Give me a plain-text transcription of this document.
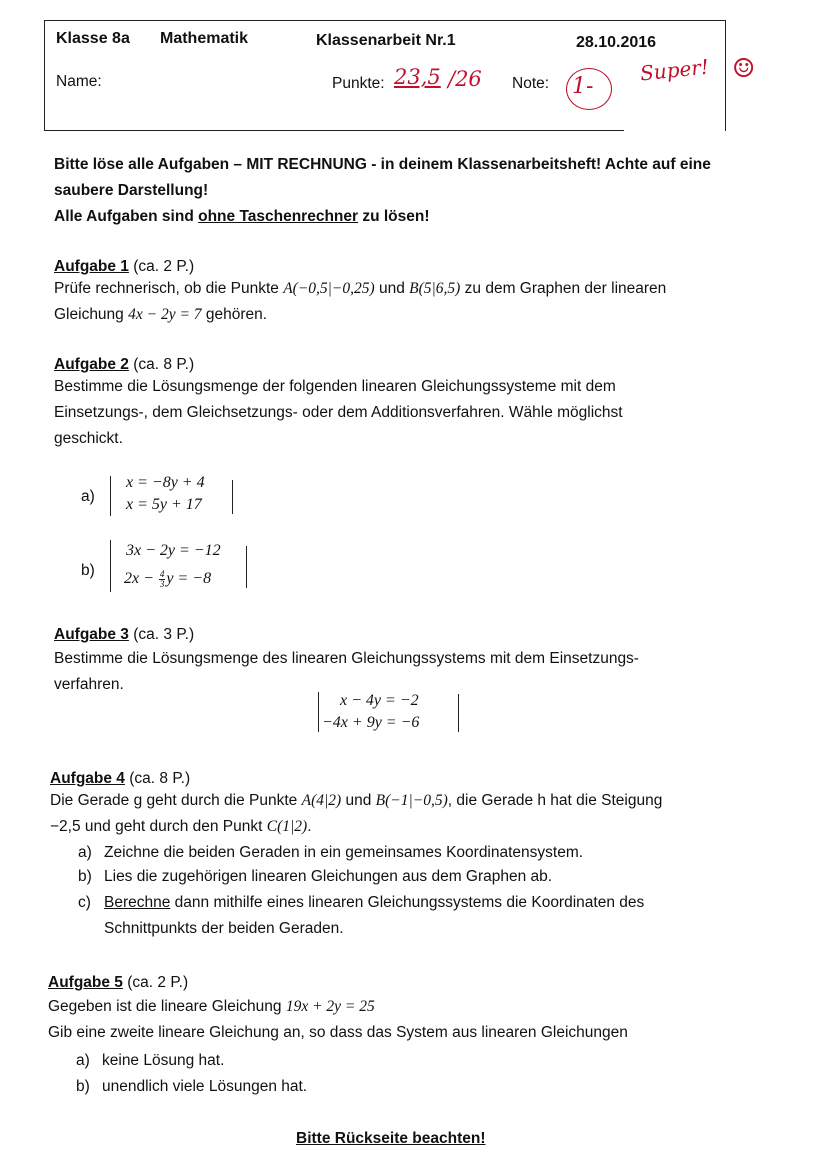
Klasse 8a Mathematik	Klassenarbeit Nr.1	28.10.2016
Name:	Punkte: 23,5 /26 Note: 1-
Super! ☺
Bitte löse alle Aufgaben – MIT RECHNUNG - in deinem Klassenarbeitsheft! Achte auf eine
saubere Darstellung!
Alle Aufgaben sind ohne Taschenrechner zu lösen!
Aufgabe 1 (ca. 2 P.)
Prüfe rechnerisch, ob die Punkte A(−0,5|−0,25) und B(5|6,5) zu dem Graphen der linearen
Gleichung 4x − 2y = 7 gehören.
Aufgabe 2 (ca. 8 P.)
Bestimme die Lösungsmenge der folgenden linearen Gleichungssysteme mit dem
Einsetzungs-, dem Gleichsetzungs- oder dem Additionsverfahren. Wähle möglichst
geschickt.
a)
x = −8y + 4
x = 5y + 17
b)
3x − 2y = −12
$2x - \frac{4}{3}$ y = −8
Aufgabe 3 (ca. 3 P.)
Bestimme die Lösungsmenge des linearen Gleichungssystems mit dem Einsetzungs-
verfahren.
x − 4y = −2
−4x + 9y = −6
Aufgabe 4 (ca. 8 P.)
Die Gerade g geht durch die Punkte A(4|2) und B(−1|−0,5), die Gerade h hat die Steigung
−2,5 und geht durch den Punkt C(1|2).
a) Zeichne die beiden Geraden in ein gemeinsames Koordinatensystem.
b) Lies die zugehörigen linearen Gleichungen aus dem Graphen ab.
c) Berechne dann mithilfe eines linearen Gleichungssystems die Koordinaten des
Schnittpunkts der beiden Geraden.
Aufgabe 5 (ca. 2 P.)
Gegeben ist die lineare Gleichung 19x + 2y = 25
Gib eine zweite lineare Gleichung an, so dass das System aus linearen Gleichungen
a) keine Lösung hat.
b) unendlich viele Lösungen hat.
Bitte Rückseite beachten!
